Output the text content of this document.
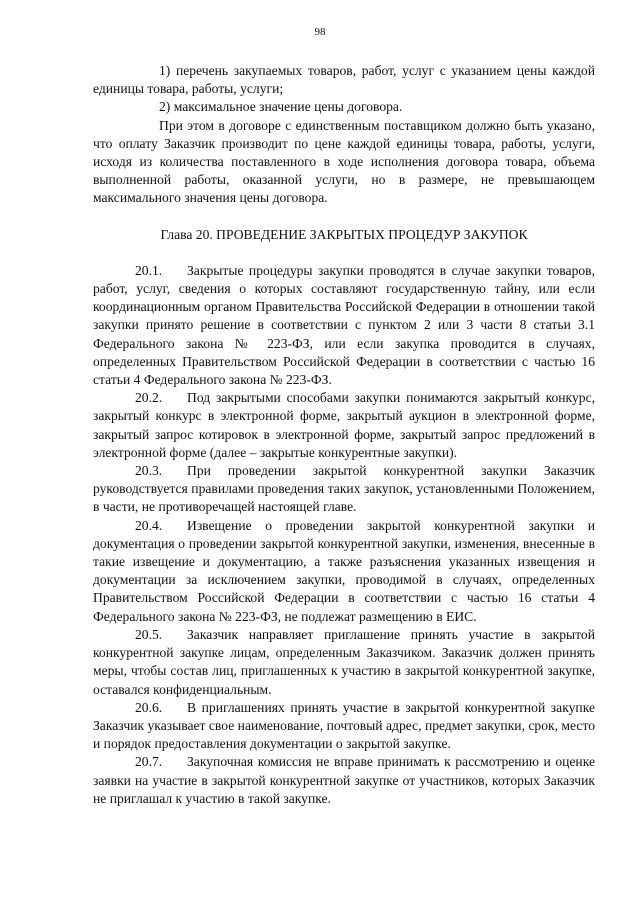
98

1) перечень закупаемых товаров, работ, услуг с указанием цены каждой единицы товара, работы, услуги;

2) максимальное значение цены договора.

При этом в договоре с единственным поставщиком должно быть указано, что оплату Заказчик производит по цене каждой единицы товара, работы, услуги, исходя из количества поставленного в ходе исполнения договора товара, объема выполненной работы, оказанной услуги, но в размере, не превышающем максимального значения цены договора.

Глава 20. ПРОВЕДЕНИЕ ЗАКРЫТЫХ ПРОЦЕДУР ЗАКУПОК

20.1. Закрытые процедуры закупки проводятся в случае закупки товаров, работ, услуг, сведения о которых составляют государственную тайну, или если координационным органом Правительства Российской Федерации в отношении такой закупки принято решение в соответствии с пунктом 2 или 3 части 8 статьи 3.1 Федерального закона № 223-ФЗ, или если закупка проводится в случаях, определенных Правительством Российской Федерации в соответствии с частью 16 статьи 4 Федерального закона № 223-ФЗ.

20.2. Под закрытыми способами закупки понимаются закрытый конкурс, закрытый конкурс в электронной форме, закрытый аукцион в электронной форме, закрытый запрос котировок в электронной форме, закрытый запрос предложений в электронной форме (далее – закрытые конкурентные закупки).

20.3. При проведении закрытой конкурентной закупки Заказчик руководствуется правилами проведения таких закупок, установленными Положением, в части, не противоречащей настоящей главе.

20.4. Извещение о проведении закрытой конкурентной закупки и документация о проведении закрытой конкурентной закупки, изменения, внесенные в такие извещение и документацию, а также разъяснения указанных извещения и документации за исключением закупки, проводимой в случаях, определенных Правительством Российской Федерации в соответствии с частью 16 статьи 4 Федерального закона № 223-ФЗ, не подлежат размещению в ЕИС.

20.5. Заказчик направляет приглашение принять участие в закрытой конкурентной закупке лицам, определенным Заказчиком. Заказчик должен принять меры, чтобы состав лиц, приглашенных к участию в закрытой конкурентной закупке, оставался конфиденциальным.

20.6. В приглашениях принять участие в закрытой конкурентной закупке Заказчик указывает свое наименование, почтовый адрес, предмет закупки, срок, место и порядок предоставления документации о закрытой закупке.

20.7. Закупочная комиссия не вправе принимать к рассмотрению и оценке заявки на участие в закрытой конкурентной закупке от участников, которых Заказчик не приглашал к участию в такой закупке.
